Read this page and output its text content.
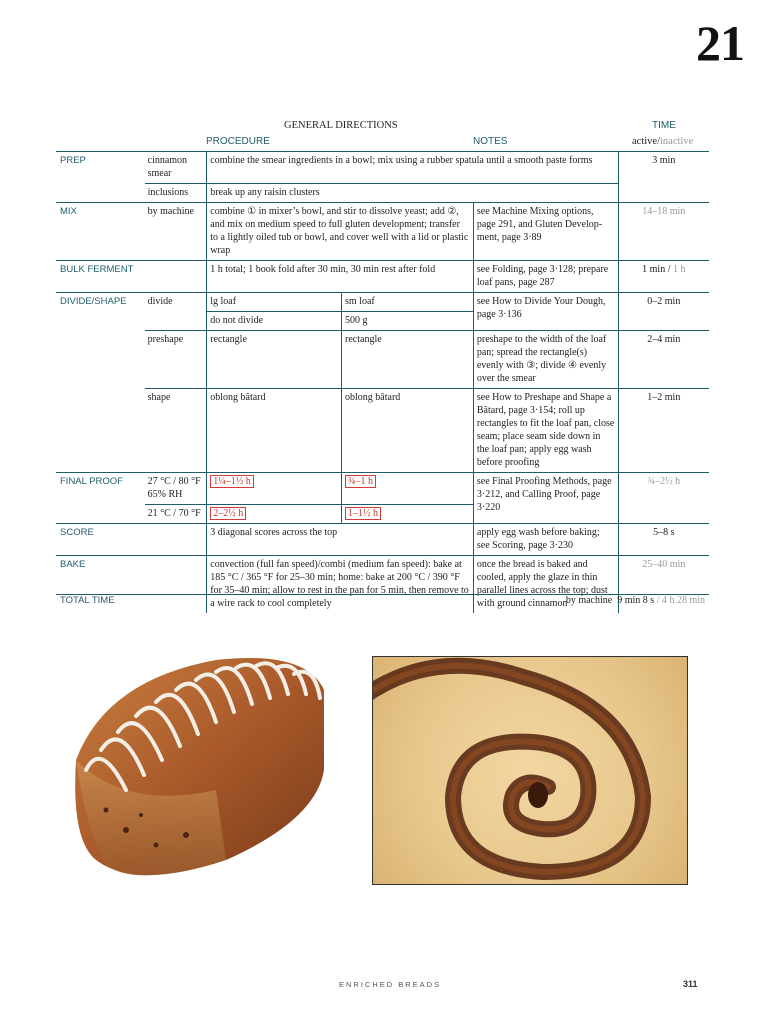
21
GENERAL DIRECTIONS	TIME
PROCEDURE	NOTES	active/inactive
PREP	cinnamon smear	combine the smear ingredients in a bowl; mix using a rubber spatula until a smooth paste forms			3 min
	inclusions	break up any raisin clusters			
MIX	by machine	combine ① in mixer’s bowl, and stir to dissolve yeast; add ②, and mix on medium speed to full gluten development; transfer to a lightly oiled tub or bowl, and cover well with a lid or plastic wrap		see Machine Mixing options, page 291, and Gluten Develop-ment, page 3·89	14–18 min
BULK FERMENT		1 h total; 1 book fold after 30 min, 30 min rest after fold		see Folding, page 3·128; prepare loaf pans, page 287	1 min / 1 h
DIVIDE/SHAPE	divide	lg loaf	sm loaf	see How to Divide Your Dough, page 3·136	0–2 min
		do not divide	500 g		
	preshape	rectangle	rectangle	preshape to the width of the loaf pan; spread the rectangle(s) evenly with ③; divide ④ evenly over the smear	2–4 min
	shape	oblong bâtard	oblong bâtard	see How to Preshape and Shape a Bâtard, page 3·154; roll up rectangles to fit the loaf pan, close seam; place seam side down in the loaf pan; apply egg wash before proofing	1–2 min
FINAL PROOF	27 °C / 80 °F 65% RH	1¼–1½ h	¾–1 h	see Final Proofing Methods, page 3·212, and Calling Proof, page 3·220	¾–2½ h
	21 °C / 70 °F	2–2½ h	1–1½ h		
SCORE		3 diagonal scores across the top		apply egg wash before baking; see Scoring, page 3·230	5–8 s
BAKE		convection (full fan speed)/combi (medium fan speed): bake at 185 °C / 365 °F for 25–30 min; home: bake at 200 °C / 390 °F for 35–40 min; allow to rest in the pan for 5 min, then remove to a wire rack to cool completely		once the bread is baked and cooled, apply the glaze in thin parallel lines across the top; dust with ground cinnamon	25–40 min
TOTAL TIME	by machine 9 min 8 s / 4 h 28 min
ENRICHED BREADS	311
